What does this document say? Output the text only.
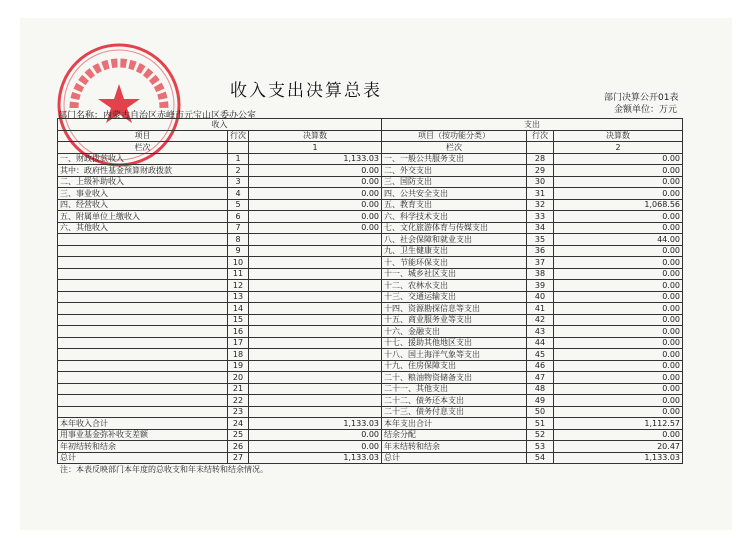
收入支出决算总表	部门决算公开01表
金额单位：万元
部门名称：内蒙古自治区赤峰市元宝山区委办公室
收入			支出		
项目	行次	决算数	项目（按功能分类）	行次	决算数
栏次		1	栏次		2
一、财政拨款收入	1	1,133.03	一、一般公共服务支出	28	0.00
其中：政府性基金预算财政拨款	2	0.00	二、外交支出	29	0.00
二、上级补助收入	3	0.00	三、国防支出	30	0.00
三、事业收入	4	0.00	四、公共安全支出	31	0.00
四、经营收入	5	0.00	五、教育支出	32	1,068.56
五、附属单位上缴收入	6	0.00	六、科学技术支出	33	0.00
六、其他收入	7	0.00	七、文化旅游体育与传媒支出	34	0.00
	8		八、社会保障和就业支出	35	44.00
	9		九、卫生健康支出	36	0.00
	10		十、节能环保支出	37	0.00
	11		十一、城乡社区支出	38	0.00
	12		十二、农林水支出	39	0.00
	13		十三、交通运输支出	40	0.00
	14		十四、资源勘探信息等支出	41	0.00
	15		十五、商业服务业等支出	42	0.00
	16		十六、金融支出	43	0.00
	17		十七、援助其他地区支出	44	0.00
	18		十八、国土海洋气象等支出	45	0.00
	19		十九、住房保障支出	46	0.00
	20		二十、粮油物资储备支出	47	0.00
	21		二十一、其他支出	48	0.00
	22		二十二、债务还本支出	49	0.00
	23		二十三、债务付息支出	50	0.00
本年收入合计	24	1,133.03	本年支出合计	51	1,112.57
用事业基金弥补收支差额	25	0.00	结余分配	52	0.00
年初结转和结余	26	0.00	年末结转和结余	53	20.47
总计	27	1,133.03	总计	54	1,133.03
注：本表反映部门本年度的总收支和年末结转和结余情况。
